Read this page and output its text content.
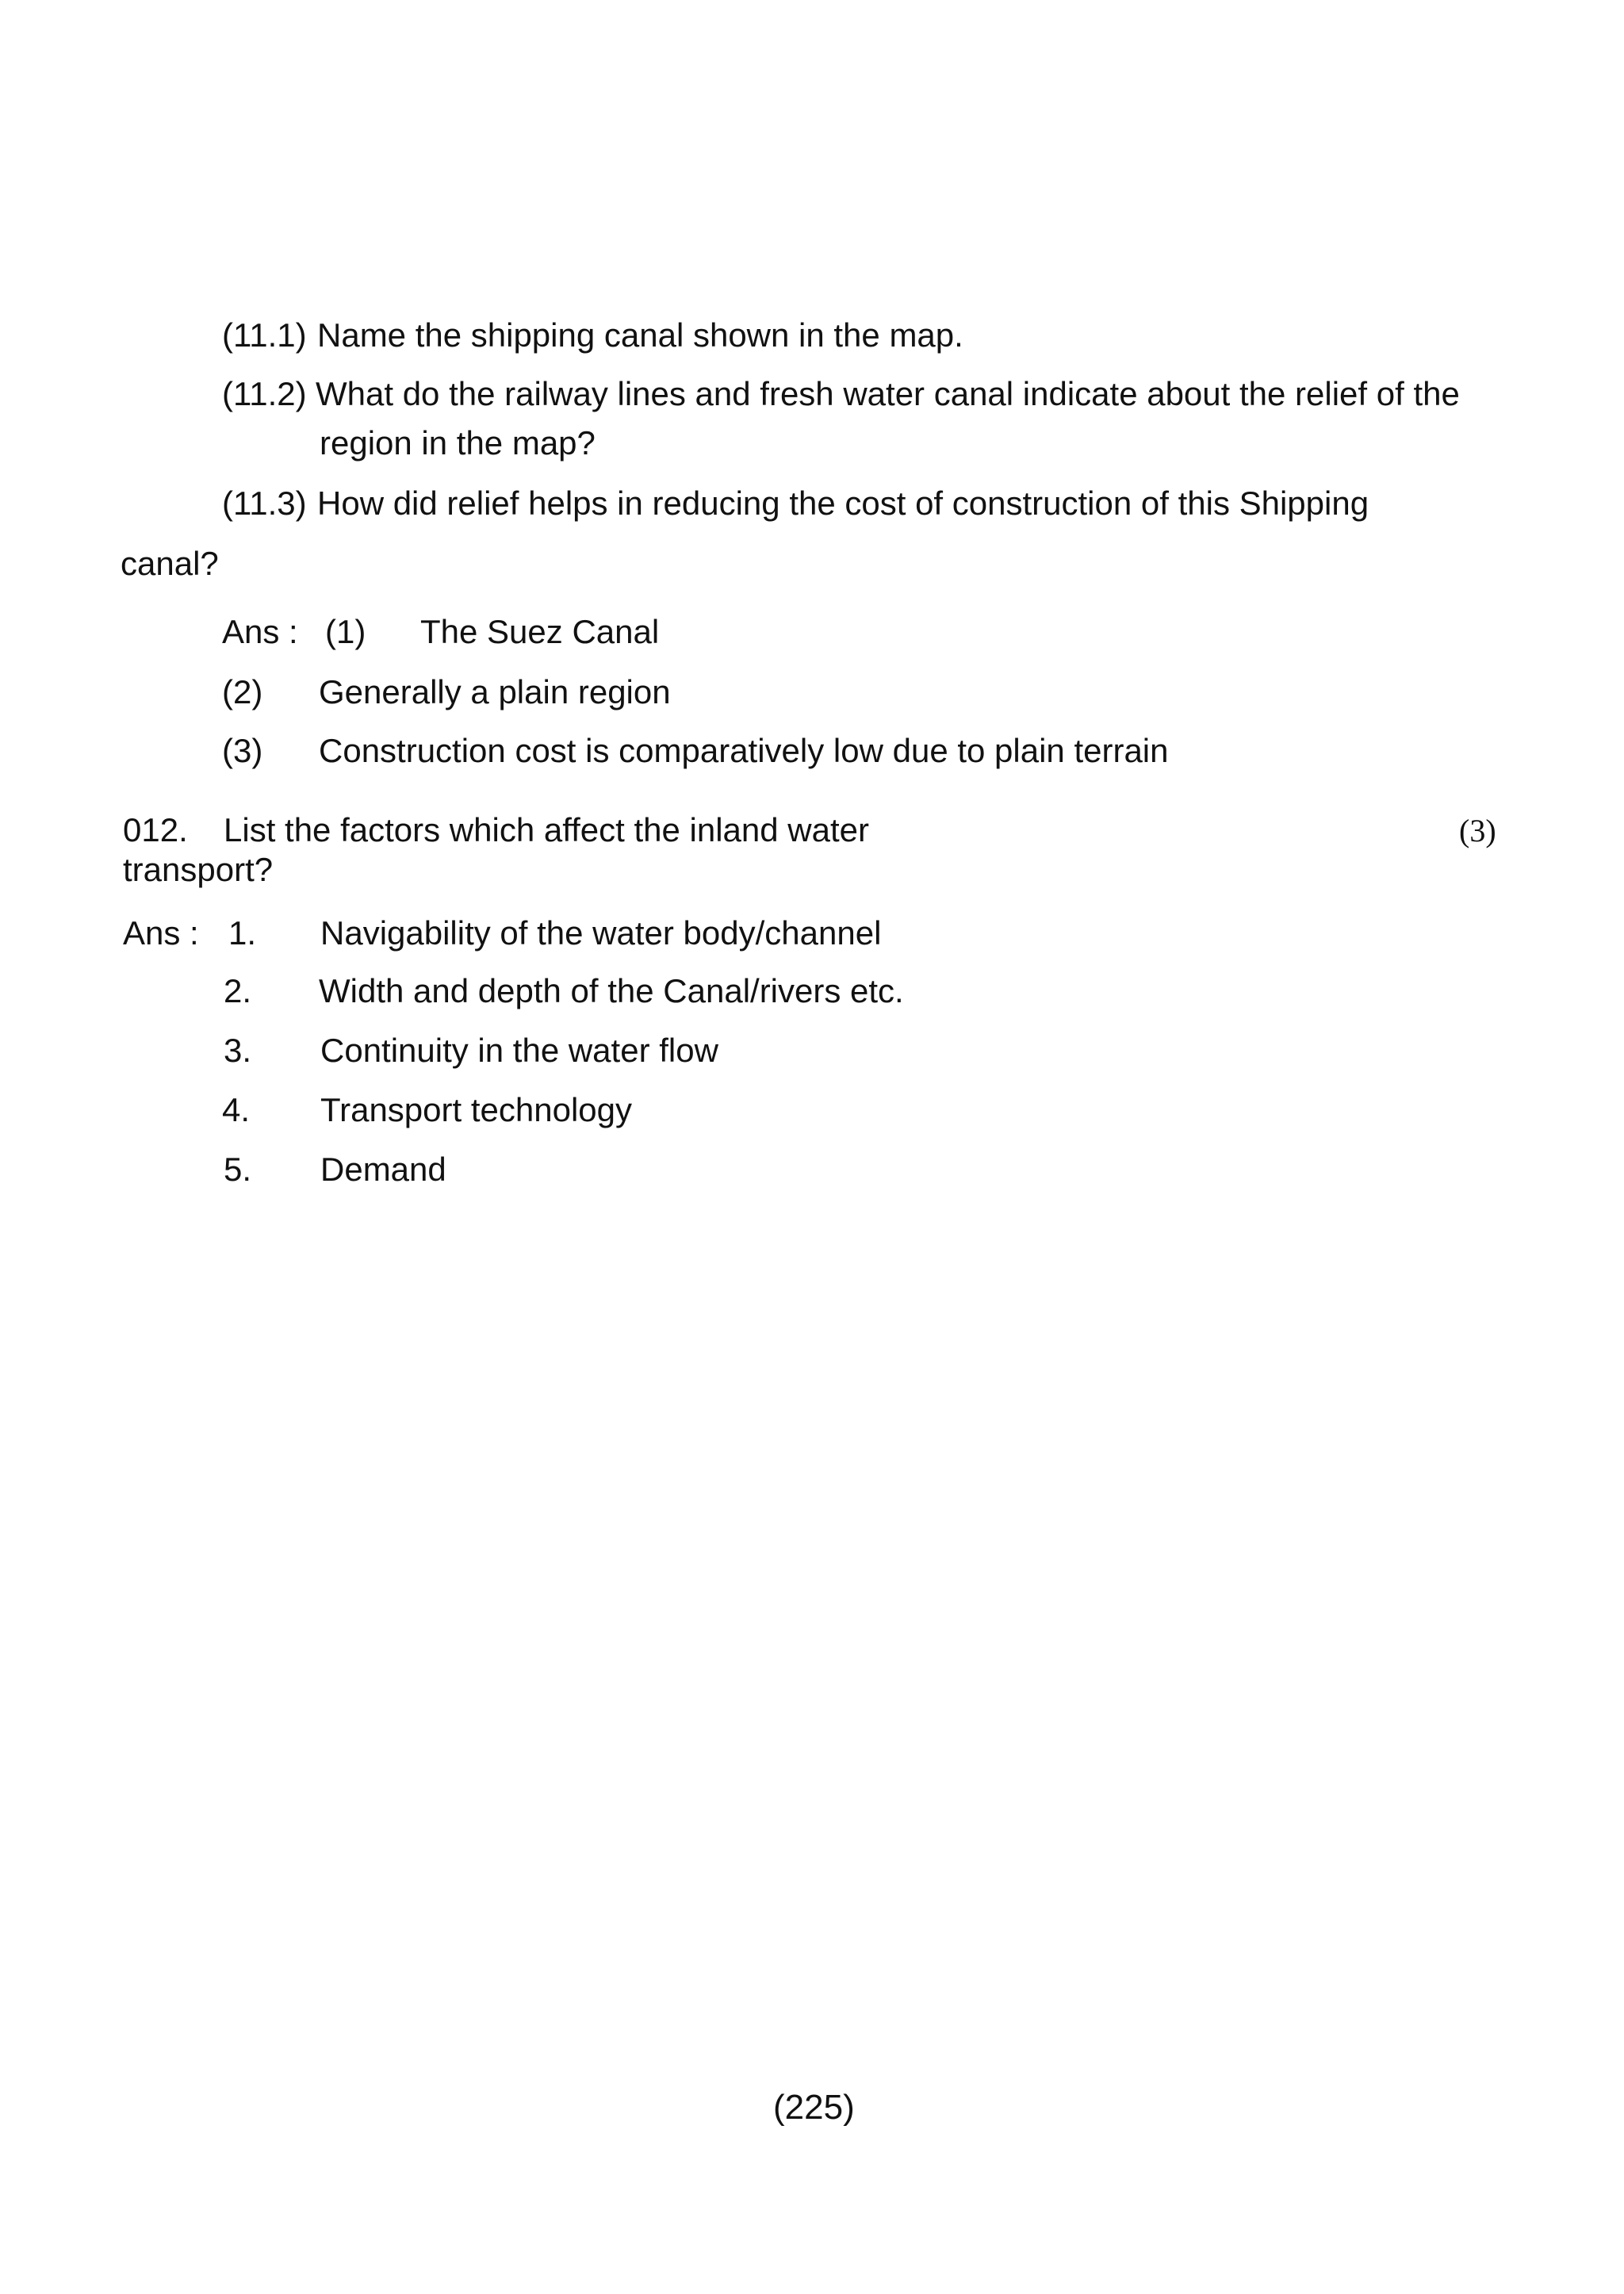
(11.1) Name the shipping canal shown in the map.
(11.2) What do the railway lines and fresh water canal indicate about the relief of the
region in the map?
(11.3) How did relief helps in reducing the cost of construction of this Shipping
canal?
Ans : (1) The Suez Canal
(2) Generally a plain region
(3) Construction cost is comparatively low due to plain terrain
012. List the factors which affect the inland water
transport?
(3)
Ans : 1. Navigability of the water body/channel
2. Width and depth of the Canal/rivers etc.
3. Continuity in the water flow
4. Transport technology
5. Demand
(225)
